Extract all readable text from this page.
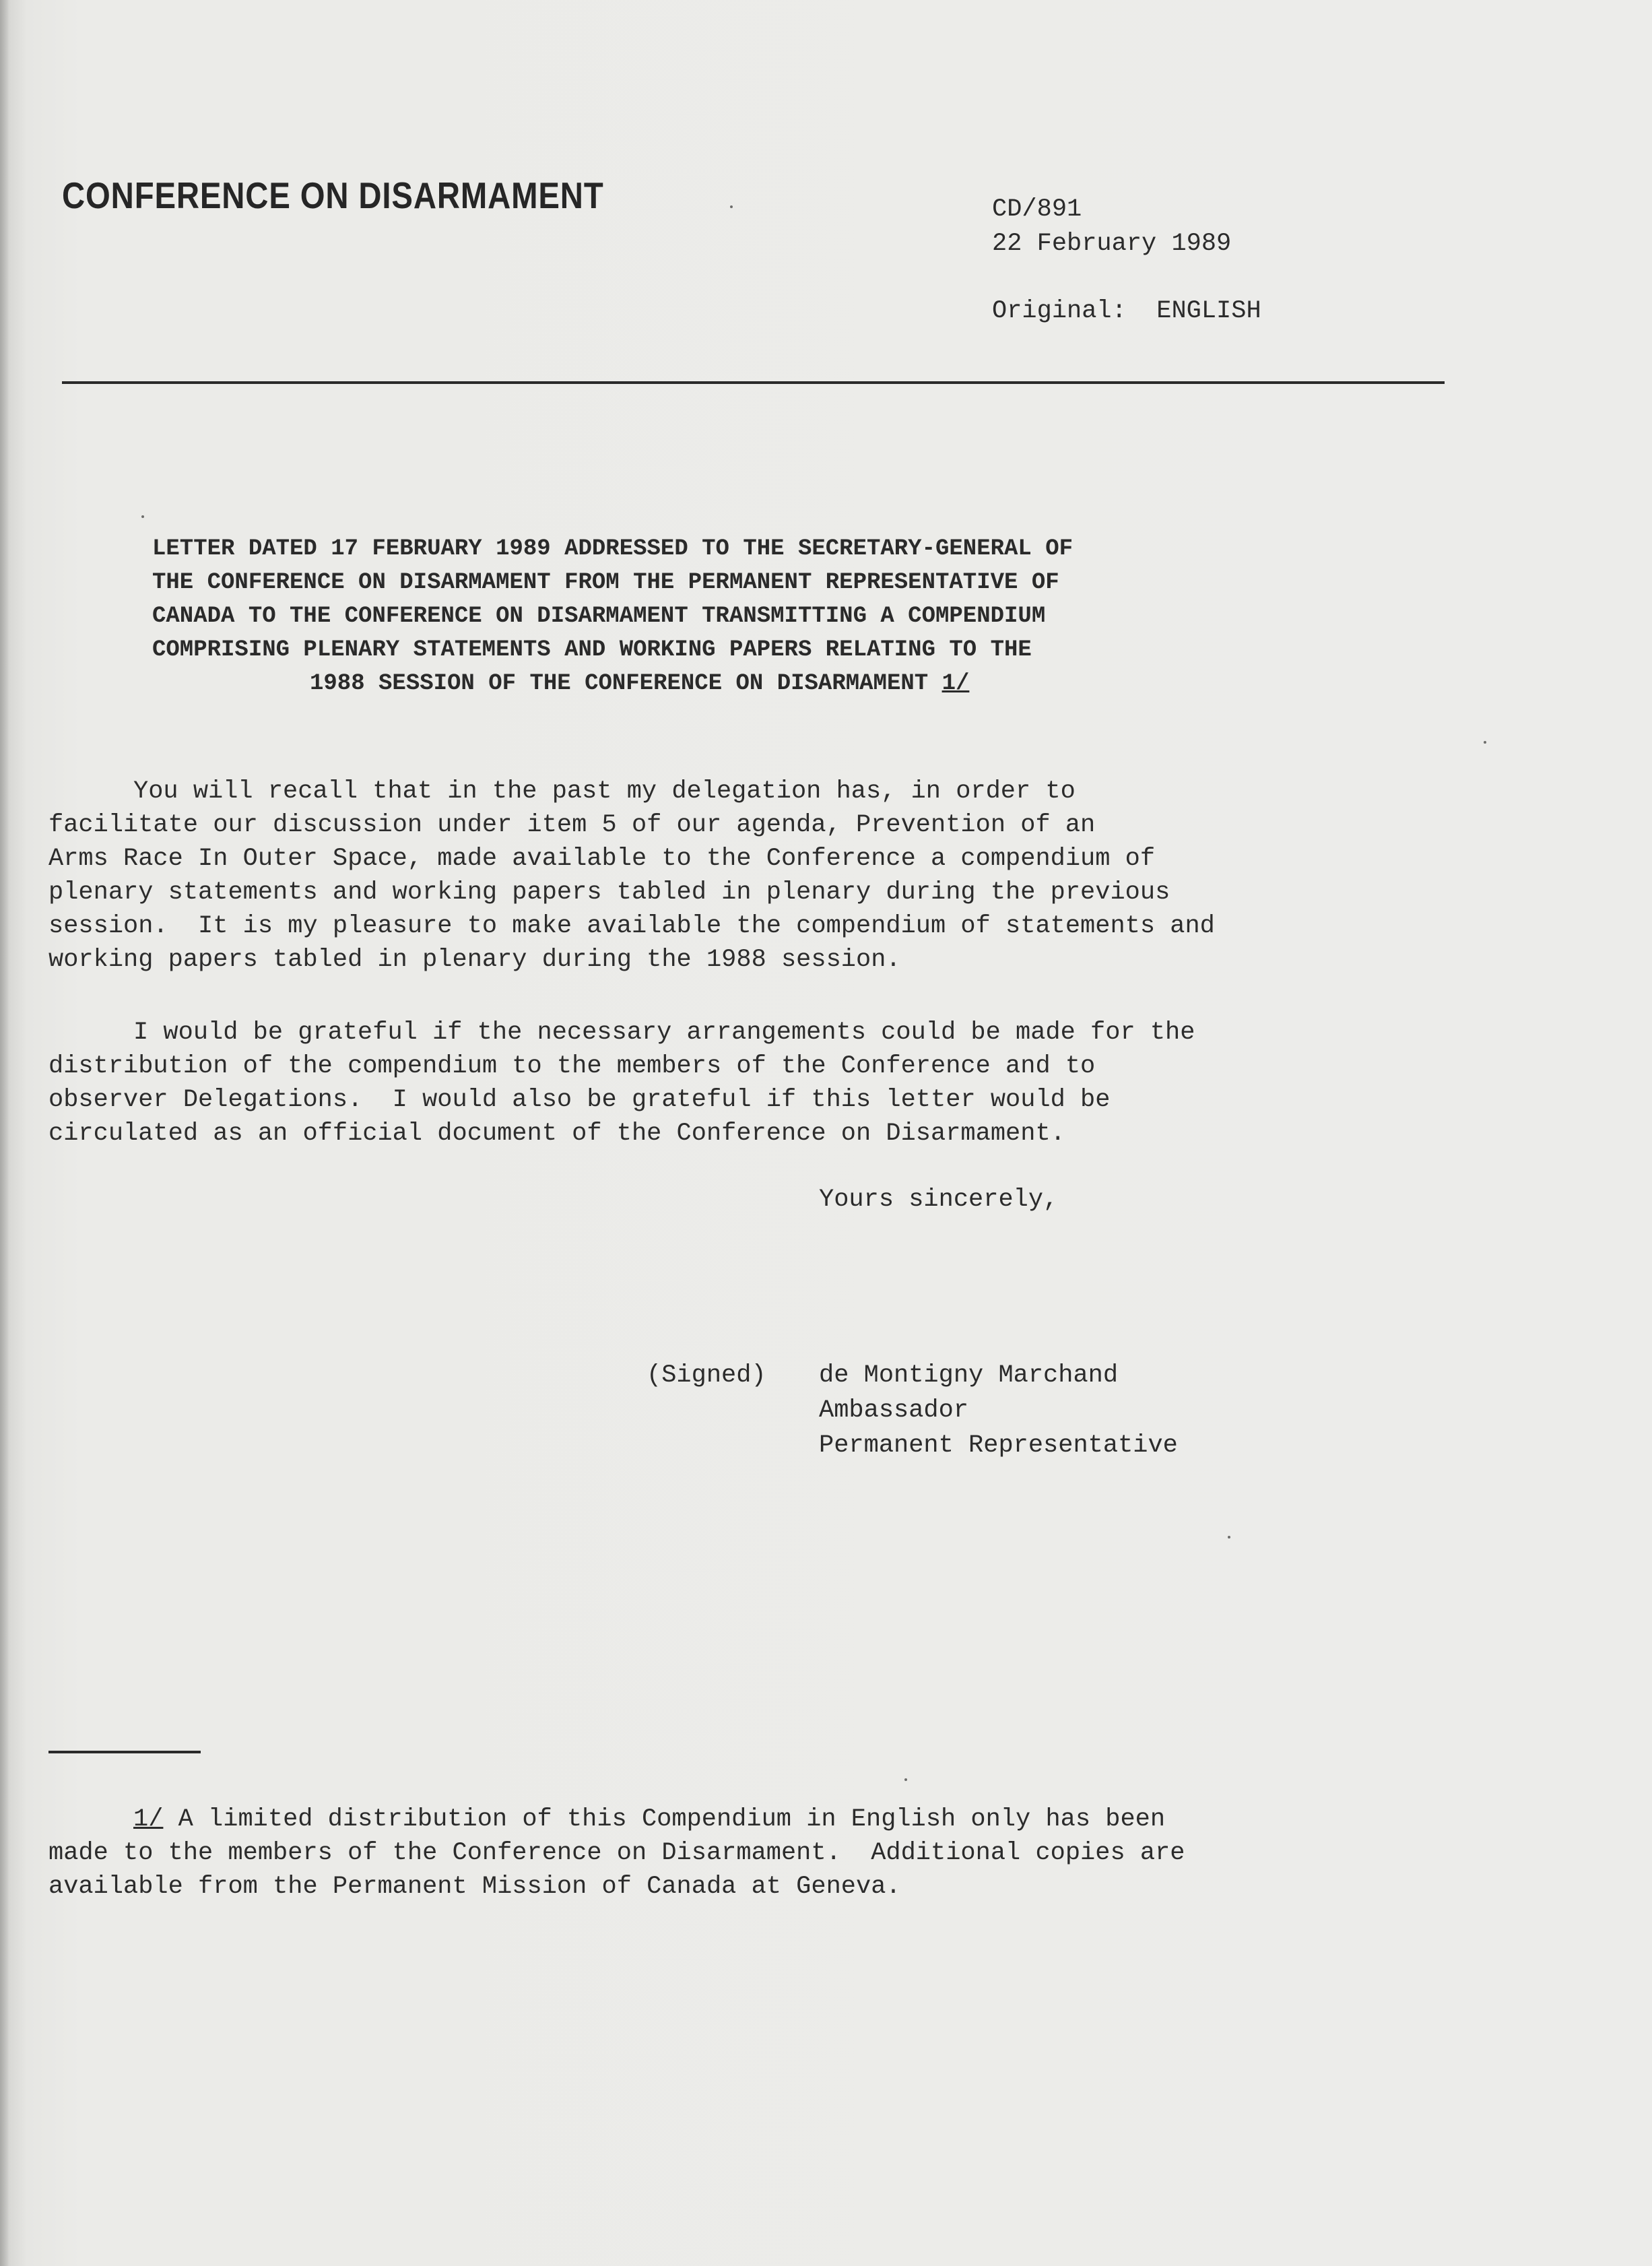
CONFERENCE ON DISARMAMENT	CD/891
22 February 1989
Original:  ENGLISH
LETTER DATED 17 FEBRUARY 1989 ADDRESSED TO THE SECRETARY-GENERAL OF
THE CONFERENCE ON DISARMAMENT FROM THE PERMANENT REPRESENTATIVE OF
CANADA TO THE CONFERENCE ON DISARMAMENT TRANSMITTING A COMPENDIUM
COMPRISING PLENARY STATEMENTS AND WORKING PAPERS RELATING TO THE
1988 SESSION OF THE CONFERENCE ON DISARMAMENT 1/
You will recall that in the past my delegation has, in order to
facilitate our discussion under item 5 of our agenda, Prevention of an
Arms Race In Outer Space, made available to the Conference a compendium of
plenary statements and working papers tabled in plenary during the previous
session.  It is my pleasure to make available the compendium of statements and
working papers tabled in plenary during the 1988 session.
I would be grateful if the necessary arrangements could be made for the
distribution of the compendium to the members of the Conference and to
observer Delegations.  I would also be grateful if this letter would be
circulated as an official document of the Conference on Disarmament.
Yours sincerely,
(Signed) de Montigny Marchand
Ambassador
Permanent Representative
1/ A limited distribution of this Compendium in English only has been
made to the members of the Conference on Disarmament.  Additional copies are
available from the Permanent Mission of Canada at Geneva.
